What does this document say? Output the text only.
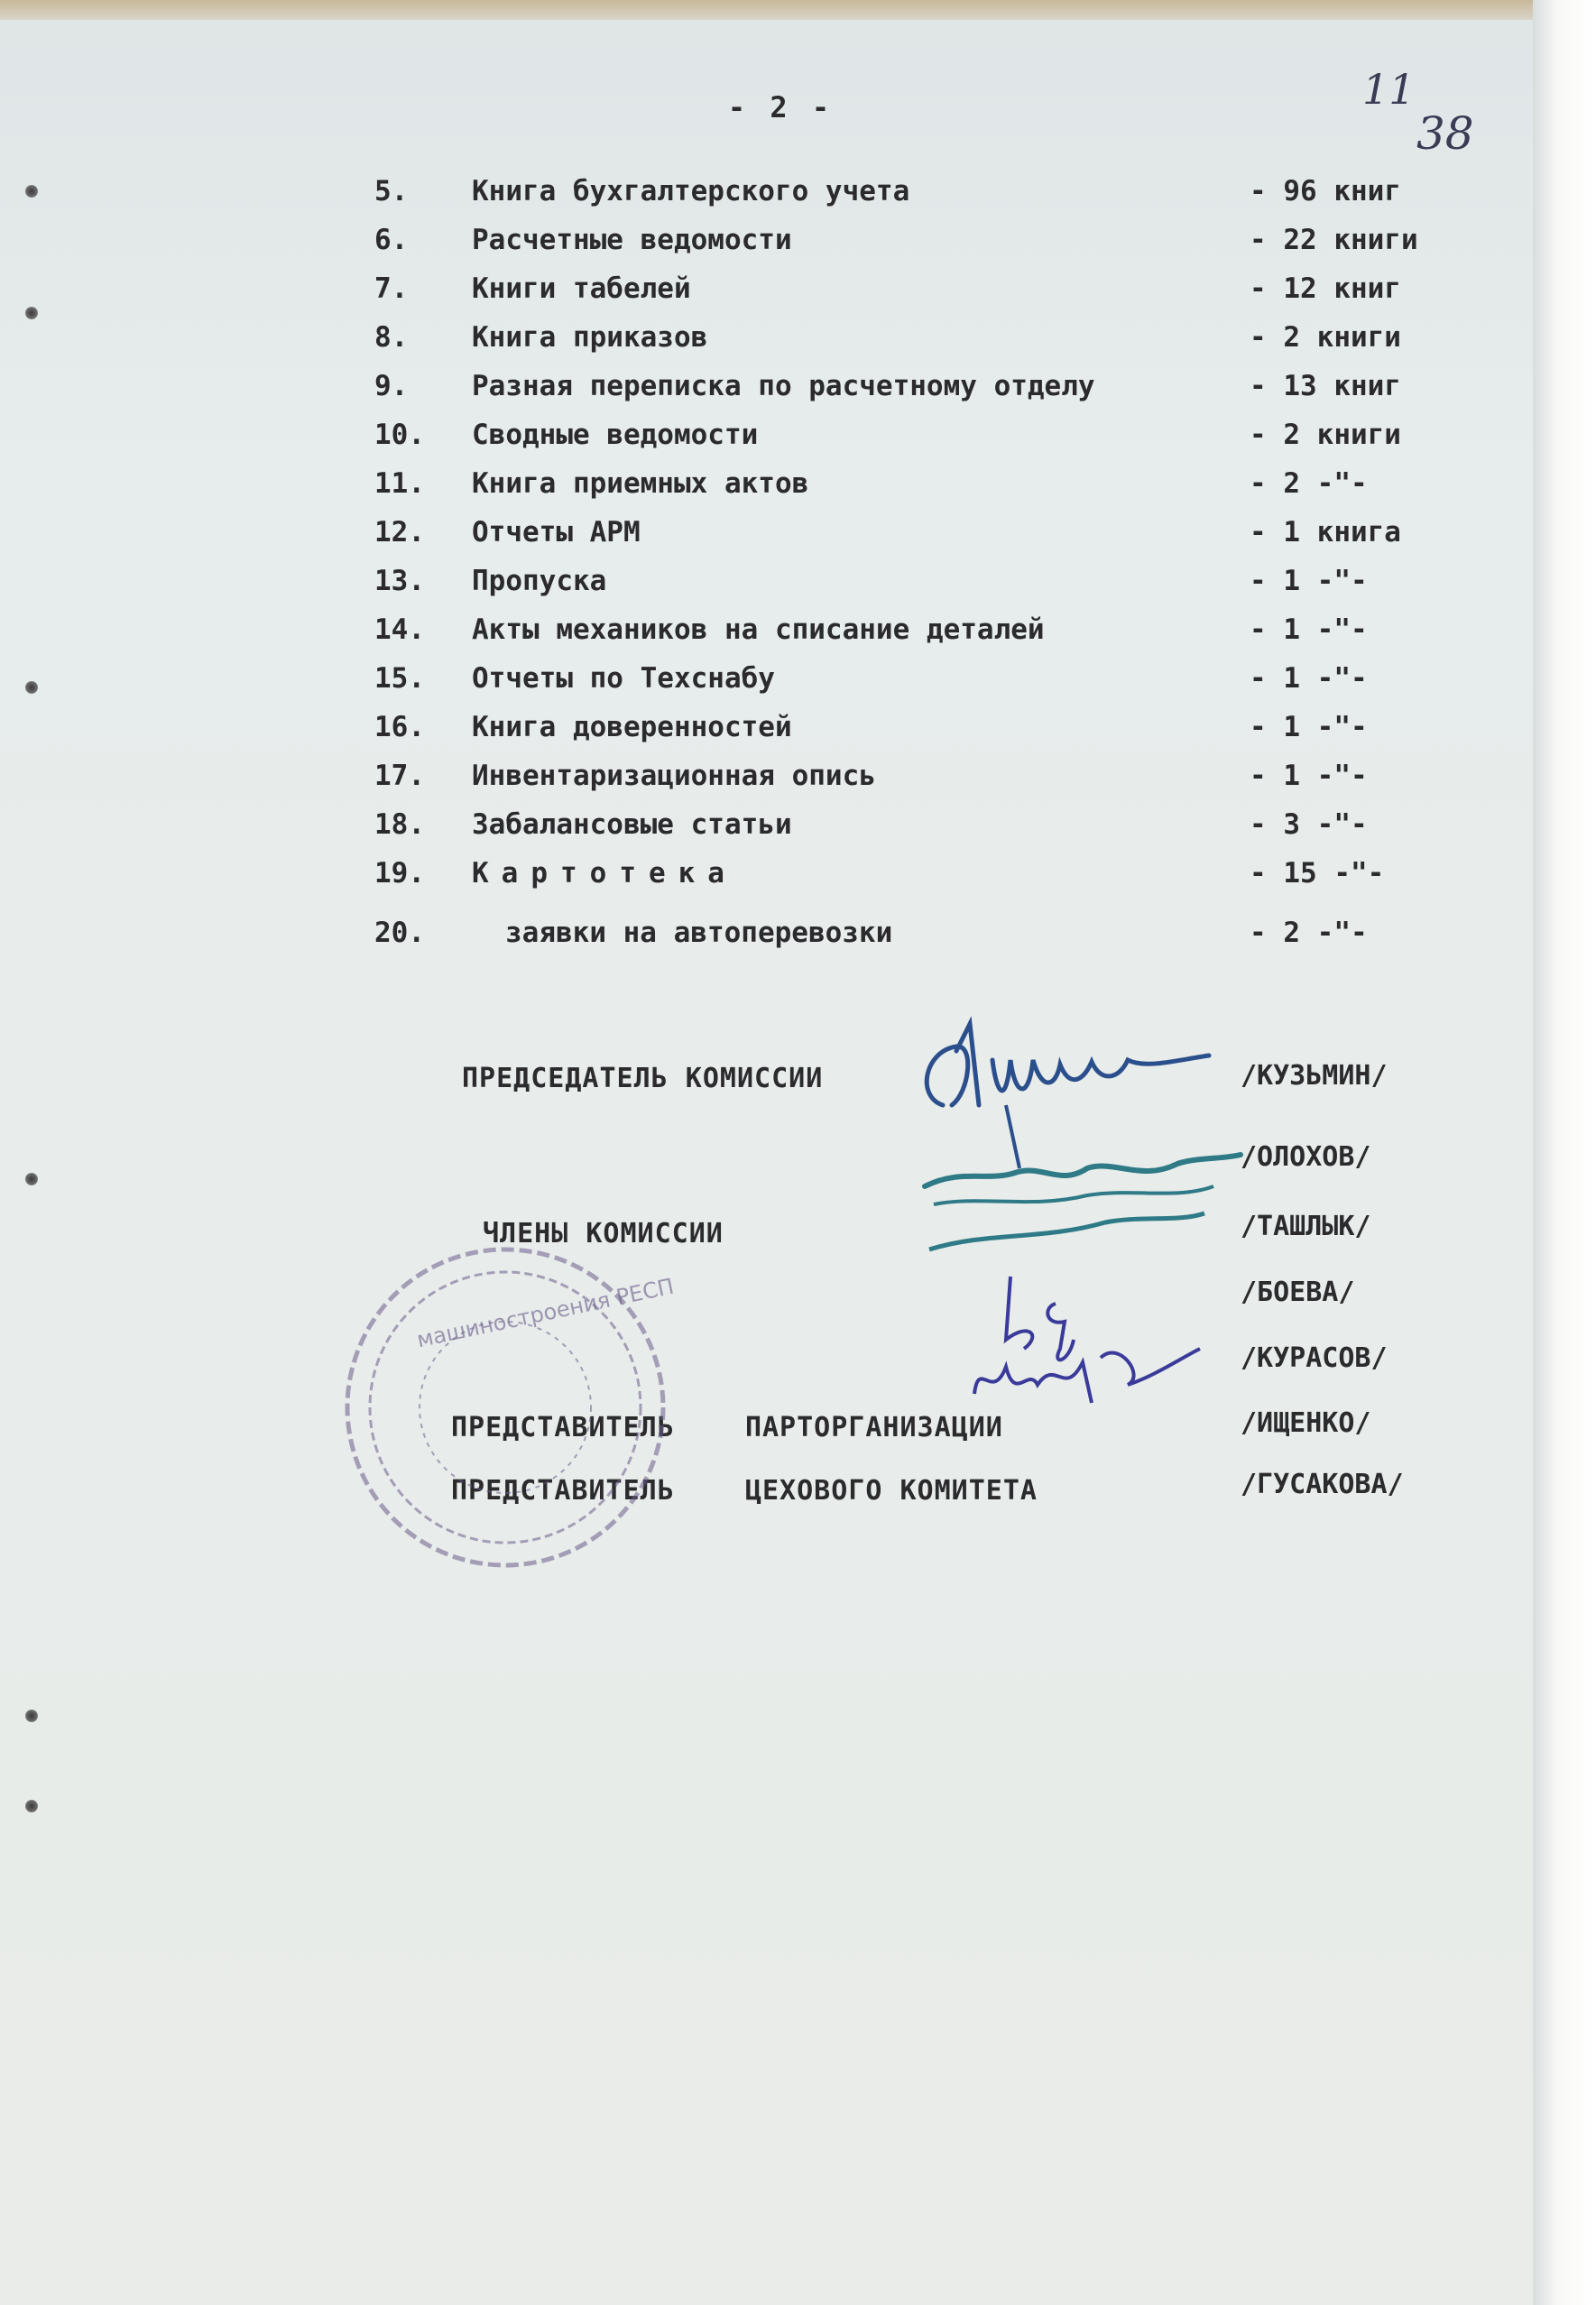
- 2 -	11
38
5.	Книга бухгалтерского учета	- 96 книг
6.	Расчетные ведомости	- 22 книги
7.	Книги табелей	- 12 книг
8.	Книга приказов	- 2 книги
9.	Разная переписка по расчетному отделу	- 13 книг
10.	Сводные ведомости	- 2 книги
11.	Книга приемных актов	- 2 -"-
12.	Отчеты АРМ	- 1 книга
13.	Пропуска	- 1 -"-
14.	Акты механиков на списание деталей	- 1 -"-
15.	Отчеты по Техснабу	- 1 -"-
16.	Книга доверенностей	- 1 -"-
17.	Инвентаризационная опись	- 1 -"-
18.	Забалансовые статьи	- 3 -"-
19.	Картотека	- 15 -"-
20.	заявки на автоперевозки	- 2 -"-
ПРЕДСЕДАТЕЛЬ КОМИССИИ	/КУЗЬМИН/
/ОЛОХОВ/
ЧЛЕНЫ КОМИССИИ	/ТАШЛЫК/
/БОЕВА/
/КУРАСОВ/
ПРЕДСТАВИТЕЛЬ	ПАРТОРГАНИЗАЦИИ	/ИЩЕНКО/
ПРЕДСТАВИТЕЛЬ	ЦЕХОВОГО КОМИТЕТА	/ГУСАКОВА/
машиностроения РЕСП
